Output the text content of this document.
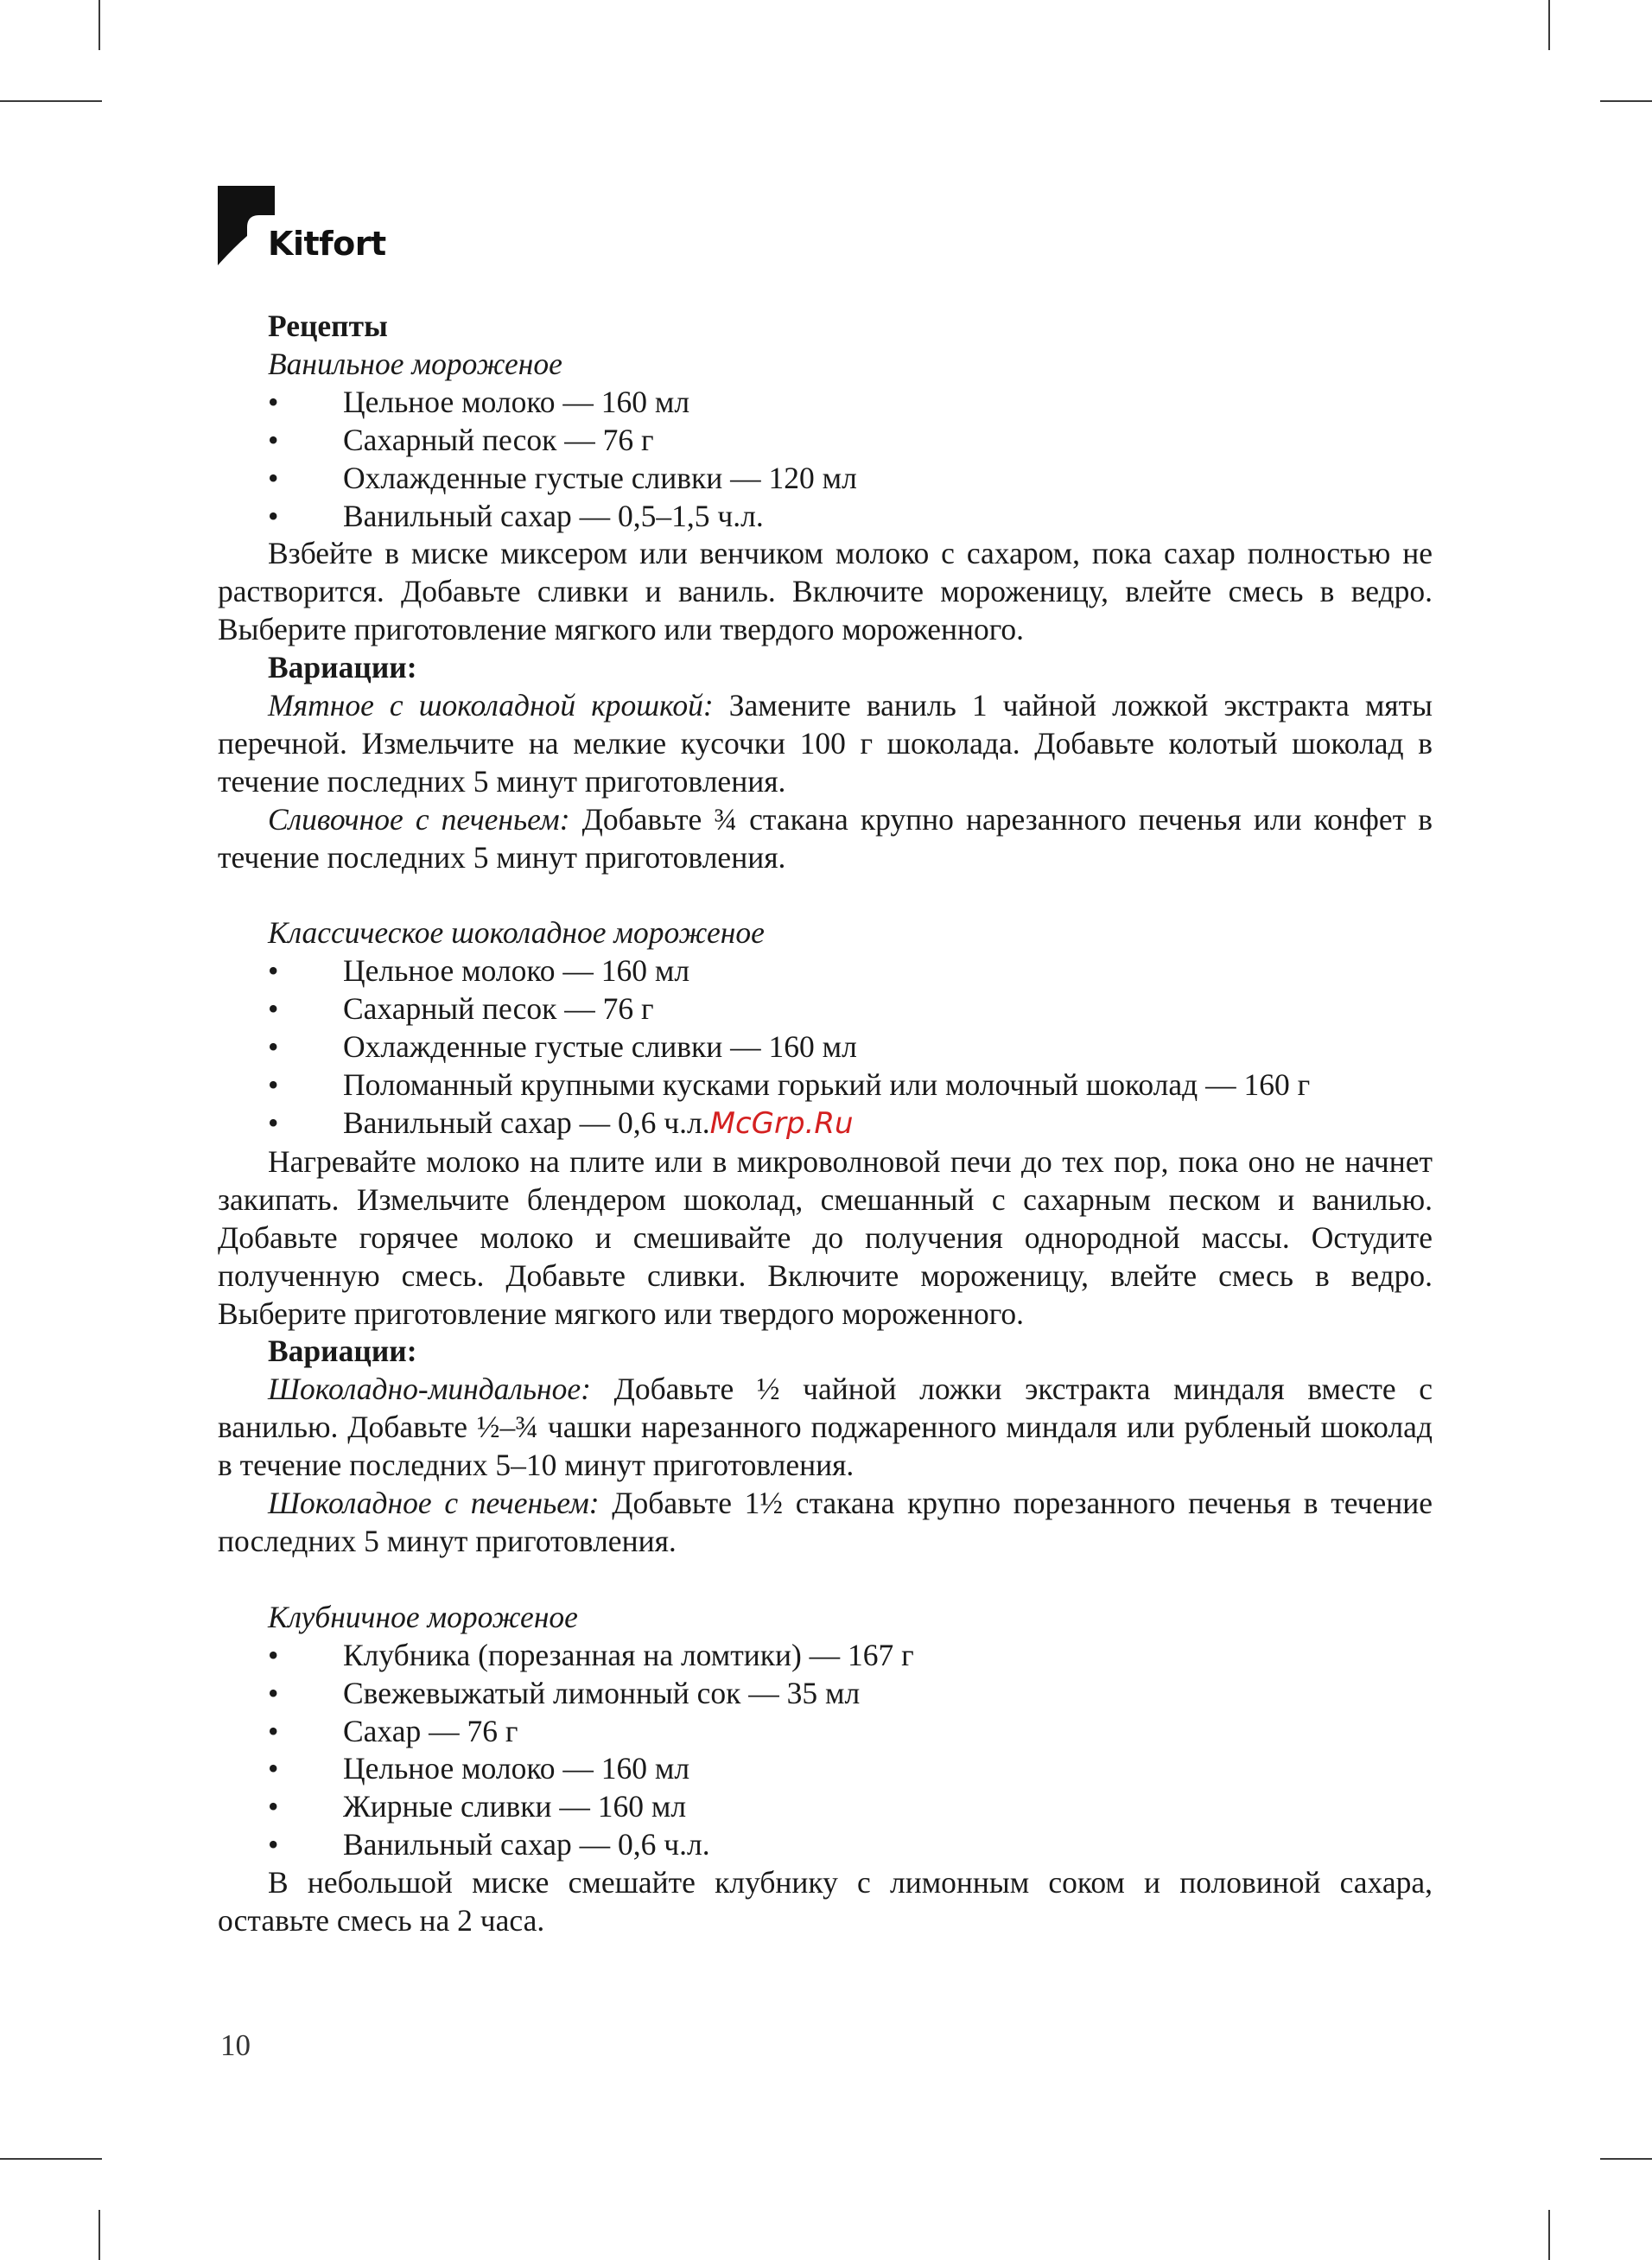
Kitfort
Рецепты
Ванильное мороженое
• Цельное молоко — 160 мл
• Сахарный песок — 76 г
• Охлажденные густые сливки — 120 мл
• Ванильный сахар — 0,5–1,5 ч.л.

Взбейте в миске миксером или венчиком молоко с сахаром, пока сахар полностью не растворится. Добавьте сливки и ваниль. Включите мороженицу, влейте смесь в ведро. Выберите приготовление мягкого или твердого мороженного.

Вариации:

Мятное с шоколадной крошкой: Замените ваниль 1 чайной ложкой экстракта мяты перечной. Измельчите на мелкие кусочки 100 г шоколада. Добавьте колотый шоколад в течение последних 5 минут приготовления.

Сливочное с печеньем: Добавьте ¾ стакана крупно нарезанного печенья или конфет в течение последних 5 минут приготовления.

Классическое шоколадное мороженое
• Цельное молоко — 160 мл
• Сахарный песок — 76 г
• Охлажденные густые сливки — 160 мл
• Поломанный крупными кусками горький или молочный шоколад — 160 г
• Ванильный сахар — 0,6 ч.л.McGrp.Ru

Нагревайте молоко на плите или в микроволновой печи до тех пор, пока оно не начнет закипать. Измельчите блендером шоколад, смешанный с сахарным песком и ванилью. Добавьте горячее молоко и смешивайте до получения однородной массы. Остудите полученную смесь. Добавьте сливки. Включите мороженицу, влейте смесь в ведро. Выберите приготовление мягкого или твердого мороженного.

Вариации:

Шоколадно-миндальное: Добавьте ½ чайной ложки экстракта миндаля вместе с ванилью. Добавьте ½–¾ чашки нарезанного поджаренного миндаля или рубленый шоколад в течение последних 5–10 минут приготовления.

Шоколадное с печеньем: Добавьте 1½ стакана крупно порезанного печенья в течение последних 5 минут приготовления.

Клубничное мороженое
• Клубника (порезанная на ломтики) — 167 г
• Свежевыжатый лимонный сок — 35 мл
• Сахар — 76 г
• Цельное молоко — 160 мл
• Жирные сливки — 160 мл
• Ванильный сахар — 0,6 ч.л.

В небольшой миске смешайте клубнику с лимонным соком и половиной сахара, оставьте смесь на 2 часа.

10
